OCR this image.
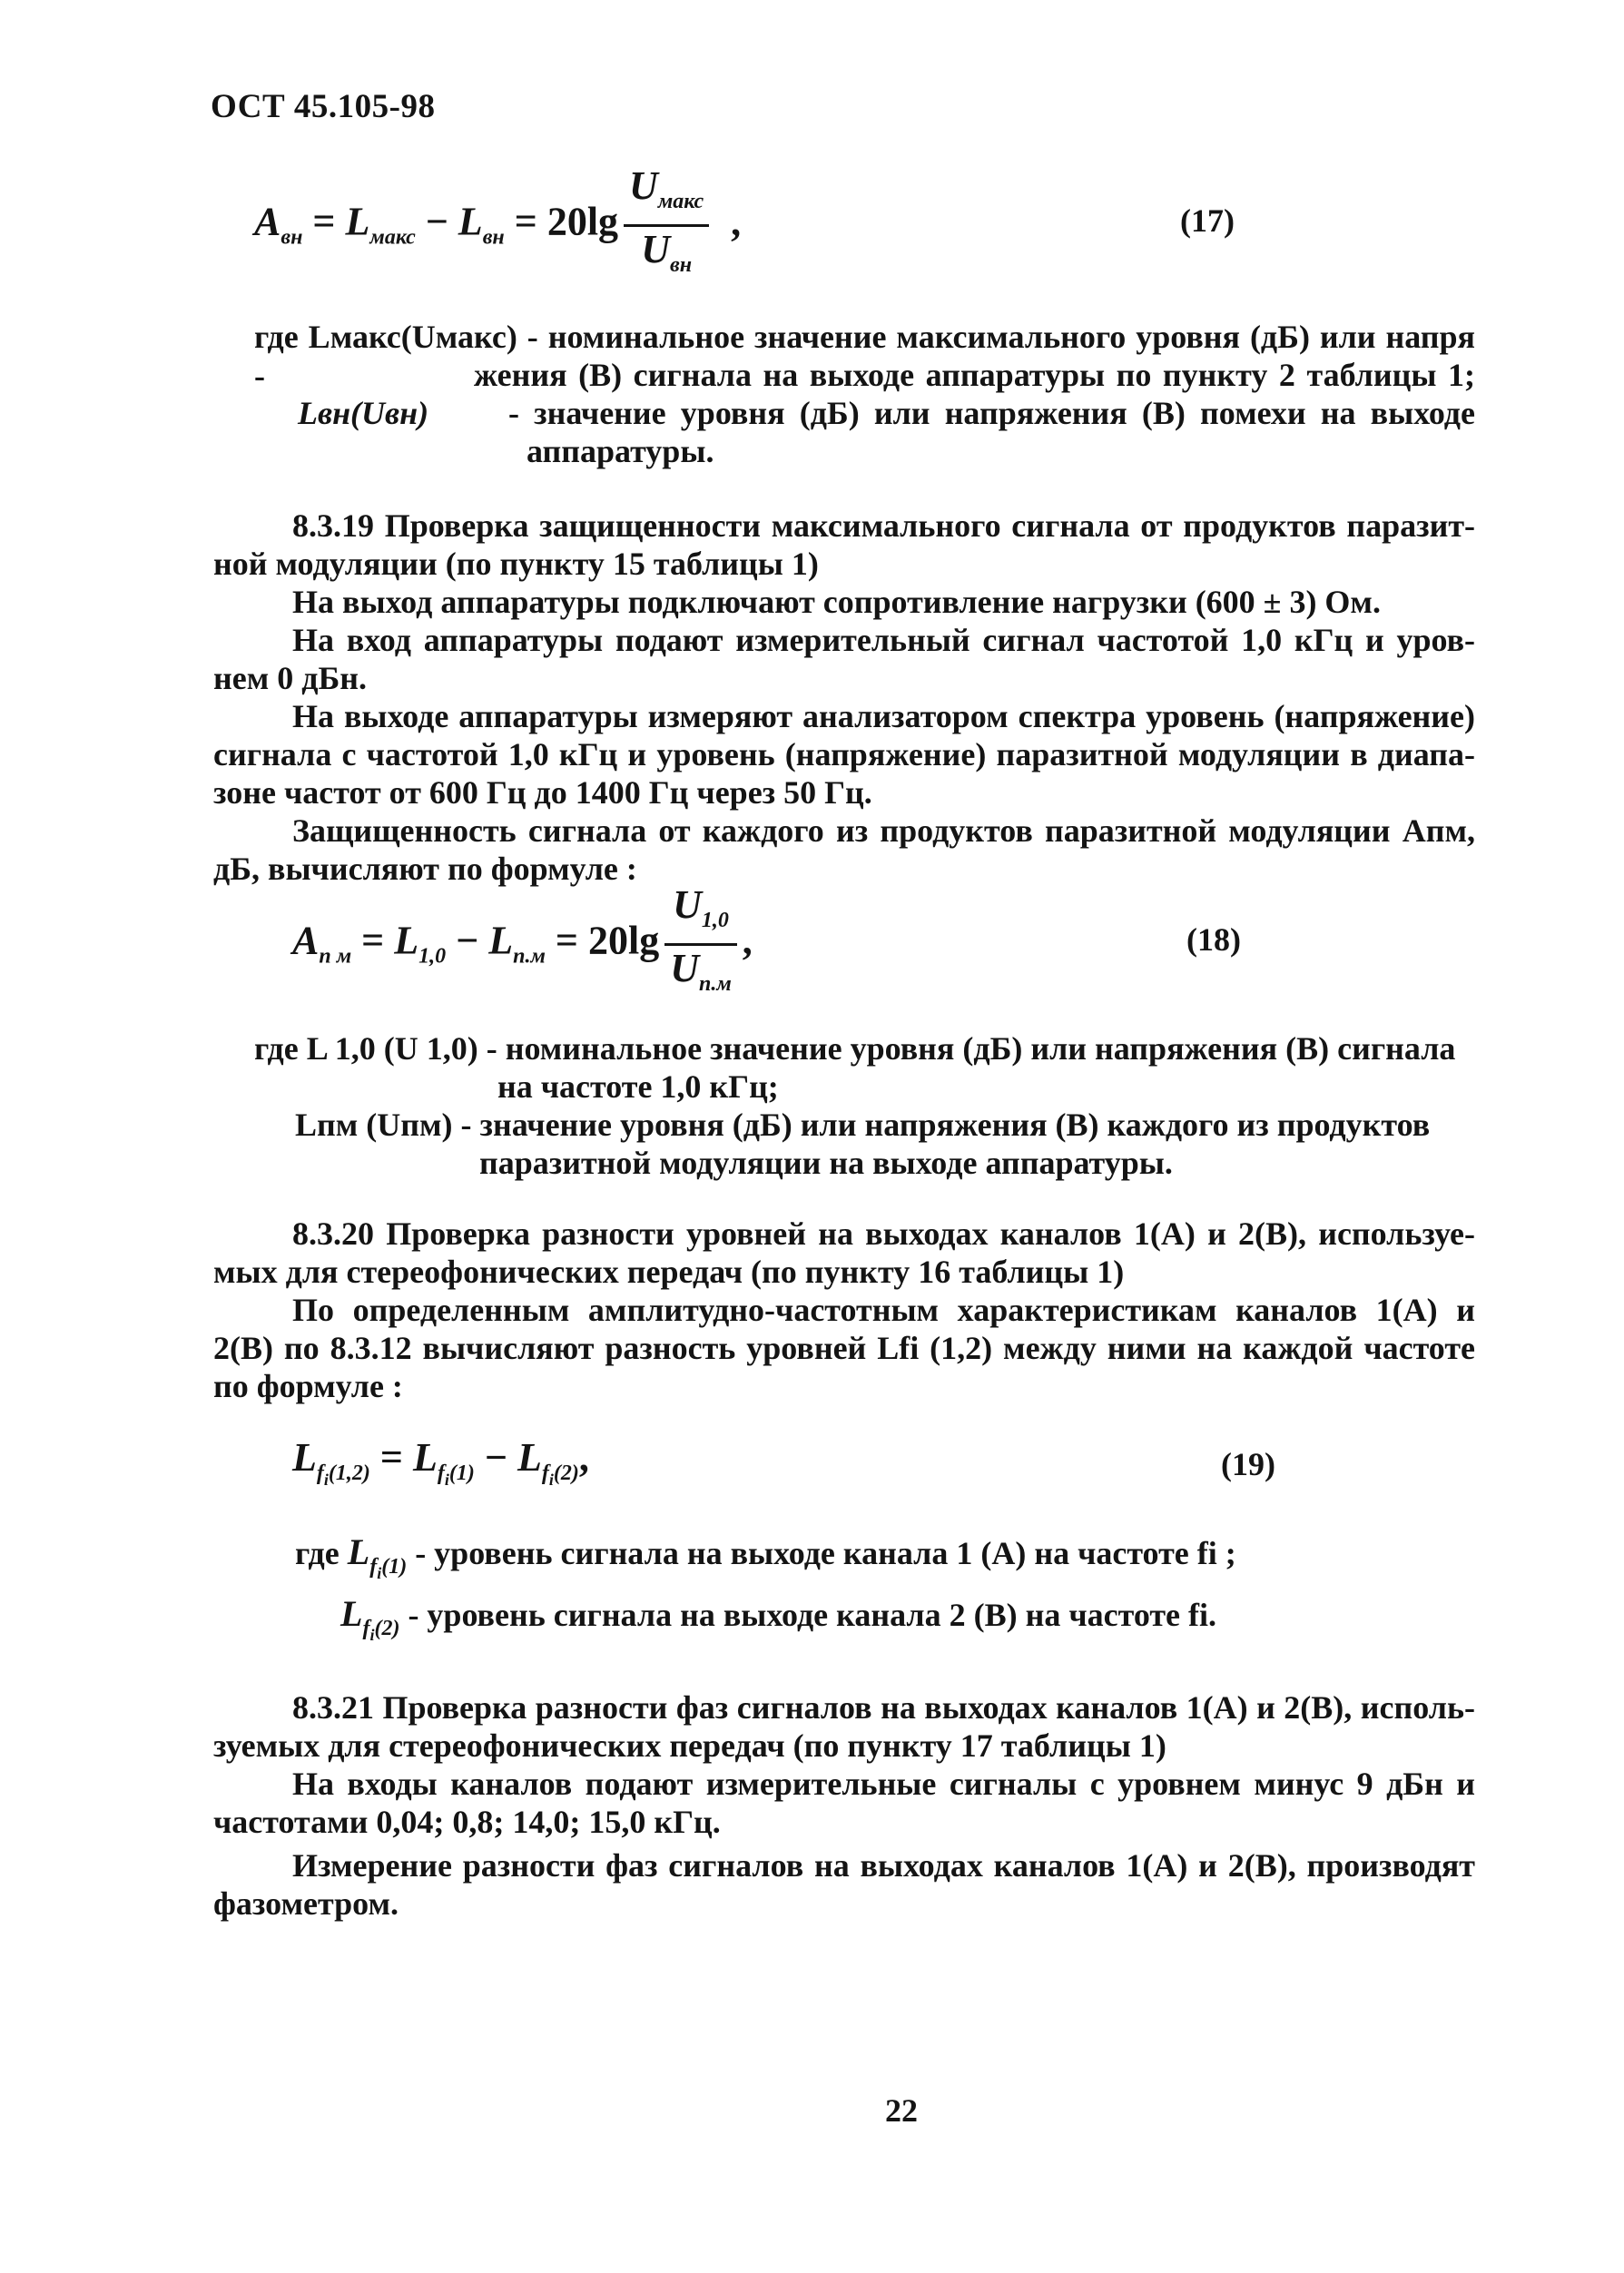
ОСТ 45.105-98
$A_{вн} = L_{макс} - L_{вн} = 20\lg \frac{U_{макс}}{U_{вн}}$ ,	(17)
где Lмакс(Uмакс) - номинальное значение максимального уровня (дБ) или напря -	жения (В) сигнала на выходе аппаратуры по пункту 2 таблицы 1;
Lвн(Uвн) - значение уровня (дБ) или напряжения (В) помехи на выходе
аппаратуры.
8.3.19 Проверка защищенности максимального сигнала от продуктов паразит-
ной модуляции (по пункту 15 таблицы 1)
На выход аппаратуры подключают сопротивление нагрузки (600 ± 3) Ом.
На вход аппаратуры подают измерительный сигнал частотой 1,0 кГц и уров-
нем 0 дБн.
На выходе аппаратуры измеряют анализатором спектра уровень (напряжение)
сигнала с частотой 1,0 кГц и уровень (напряжение) паразитной модуляции в диапа-
зоне частот от 600 Гц до 1400 Гц через 50 Гц.
Защищенность сигнала от каждого из продуктов паразитной модуляции Aпм,
дБ, вычисляют по формуле :
$A_{п м} = L_{1,0} - L_{п.м} = 20\lg \frac{U_{1,0}}{U_{п.м}}$ ,	(18)
где L 1,0 (U 1,0) - номинальное значение уровня (дБ) или напряжения (В) сигнала
на частоте 1,0 кГц;
Lпм (Uпм) - значение уровня (дБ) или напряжения (В) каждого из продуктов
паразитной модуляции на выходе аппаратуры.
8.3.20 Проверка разности уровней на выходах каналов 1(А) и 2(В), используе-
мых для стереофонических передач (по пункту 16 таблицы 1)
По определенным амплитудно-частотным характеристикам каналов 1(А) и
2(В) по 8.3.12 вычисляют разность уровней Lfi (1,2) между ними на каждой частоте
по формуле :
$L_{f_i(1,2)} = L_{f_i(1)} - L_{f_i(2)}$,	(19)
где $L_{f_i(1)}$ - уровень сигнала на выходе канала 1 (А) на частоте fi ;
$L_{f_i(2)}$ - уровень сигнала на выходе канала 2 (В) на частоте fi.
8.3.21 Проверка разности фаз сигналов на выходах каналов 1(А) и 2(В), исполь-
зуемых для стереофонических передач (по пункту 17 таблицы 1)
На входы каналов подают измерительные сигналы с уровнем минус 9 дБн и
частотами 0,04; 0,8; 14,0; 15,0 кГц.
Измерение разности фаз сигналов на выходах каналов 1(А) и 2(В), производят
фазометром.
22
